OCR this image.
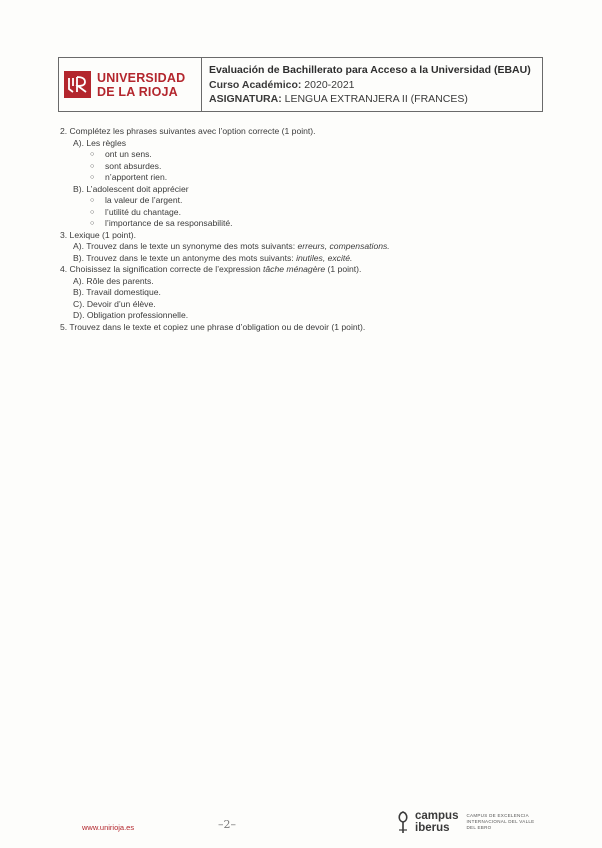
UNIVERSIDAD
DE LA RIOJA
Evaluación de Bachillerato para Acceso a la Universidad (EBAU)
Curso Académico: 2020-2021
ASIGNATURA: LENGUA EXTRANJERA II (FRANCES)
2. Complétez les phrases suivantes avec l’option correcte (1 point).
A). Les règles
○ ont un sens.
○ sont absurdes.
○ n’apportent rien.
B). L’adolescent doit apprécier
○ la valeur de l’argent.
○ l’utilité du chantage.
○ l’importance de sa responsabilité.
3. Lexique (1 point).
A). Trouvez dans le texte un synonyme des mots suivants: erreurs, compensations.
B). Trouvez dans le texte un antonyme des mots suivants: inutiles, excité.
4. Choisissez la signification correcte de l’expression tâche ménagère (1 point).
A). Rôle des parents.
B). Travail domestique.
C). Devoir d’un élève.
D). Obligation professionnelle.
5. Trouvez dans le texte et copiez une phrase d’obligation ou de devoir (1 point).
www.unirioja.es	–2–
campus
iberus
CAMPUS DE EXCELENCIA INTERNACIONAL DEL VALLE DEL EBRO
